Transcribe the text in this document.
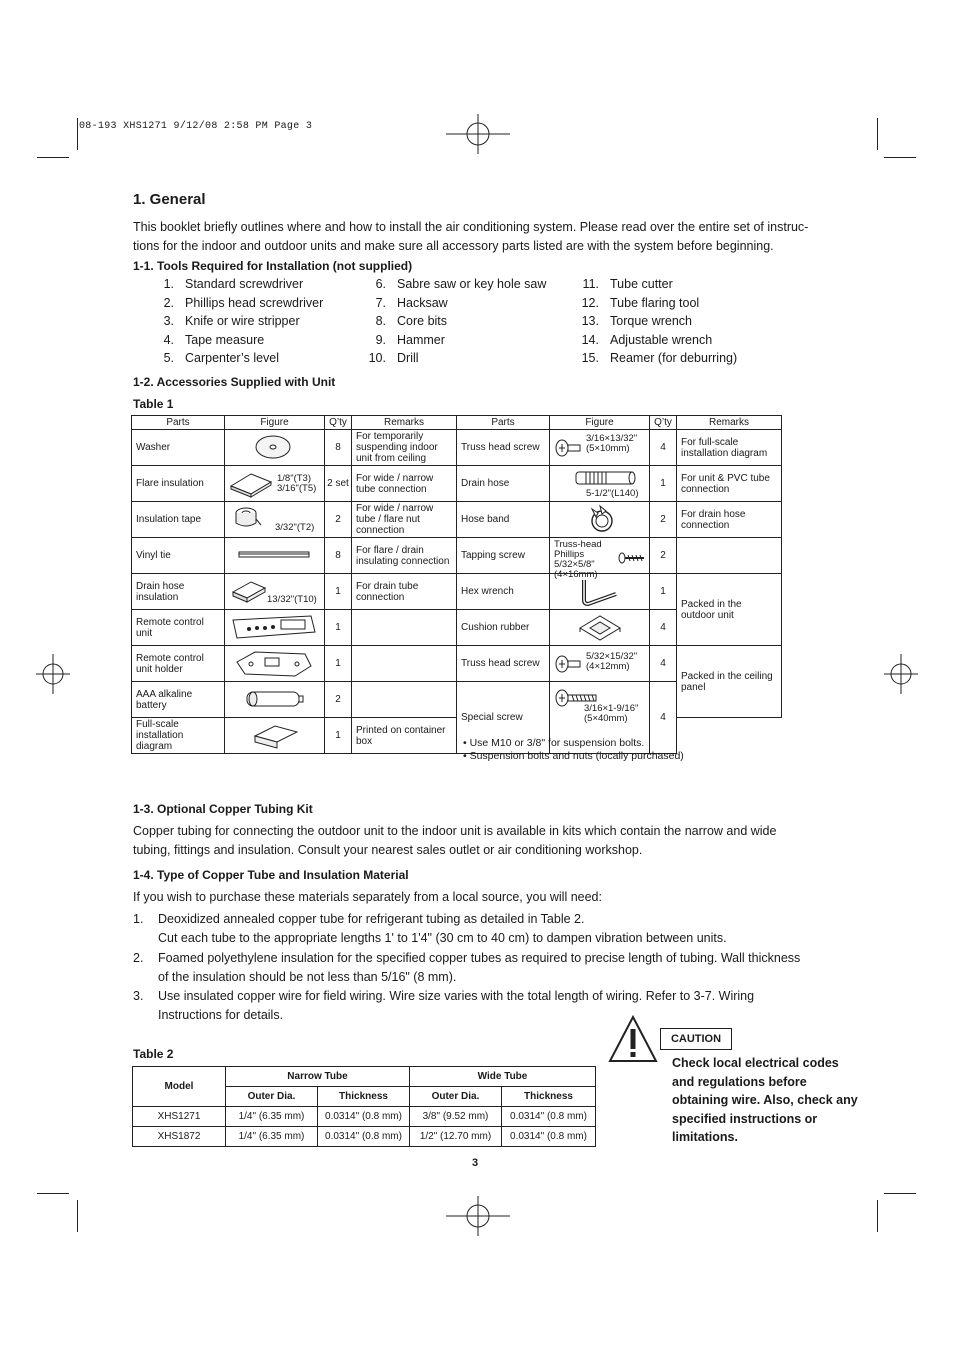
08-193 XHS1271 9/12/08 2:58 PM Page 3
1. General
This booklet briefly outlines where and how to install the air conditioning system. Please read over the entire set of instruc-
tions for the indoor and outdoor units and make sure all accessory parts listed are with the system before beginning.
1-1. Tools Required for Installation (not supplied)
1. Standard screwdriver
2. Phillips head screwdriver
3. Knife or wire stripper
4. Tape measure
5. Carpenter’s level
6. Sabre saw or key hole saw
7. Hacksaw
8. Core bits
9. Hammer
10. Drill
11. Tube cutter
12. Tube flaring tool
13. Torque wrench
14. Adjustable wrench
15. Reamer (for deburring)
1-2. Accessories Supplied with Unit
Table 1
Parts	Figure	Q’ty	Remarks	Parts	Figure	Q’ty	Remarks
Washer		8	For temporarily suspending indoor unit from ceiling	Truss head screw	3/16×13/32" (5×10mm)	4	For full-scale installation diagram
Flare insulation	1/8"(T3) 3/16"(T5)	2 set	For wide / narrow tube connection	Drain hose	5-1/2"(L140)	1	For unit & PVC tube connection
Insulation tape	3/32"(T2)	2	For wide / narrow tube / flare nut connection	Hose band		2	For drain hose connection
Vinyl tie		8	For flare / drain insulating connection	Tapping screw	Truss-head Phillips 5/32×5/8" (4×16mm)	2	
Drain hose insulation	13/32"(T10)	1	For drain tube connection	Hex wrench		1	Packed in the outdoor unit
Remote control unit		1		Cushion rubber		4	
Remote control unit holder		1		Truss head screw	5/32×15/32" (4×12mm)	4	Packed in the ceiling panel
AAA alkaline battery		2		Special screw	3/16×1-9/16" (5×40mm)	4	
Full-scale installation diagram		1	Printed on container box					• Use M10 or 3/8" for suspension bolts.
• Suspension bolts and nuts (locally purchased)
1-3. Optional Copper Tubing Kit
Copper tubing for connecting the outdoor unit to the indoor unit is available in kits which contain the narrow and wide
tubing, fittings and insulation. Consult your nearest sales outlet or air conditioning workshop.
1-4. Type of Copper Tube and Insulation Material
If you wish to purchase these materials separately from a local source, you will need:
1. Deoxidized annealed copper tube for refrigerant tubing as detailed in Table 2.
Cut each tube to the appropriate lengths 1' to 1'4" (30 cm to 40 cm) to dampen vibration between units.
2. Foamed polyethylene insulation for the specified copper tubes as required to precise length of tubing. Wall thickness
of the insulation should be not less than 5/16" (8 mm).
3. Use insulated copper wire for field wiring. Wire size varies with the total length of wiring. Refer to 3-7. Wiring
Instructions for details.
Table 2
Model	Narrow Tube		Wide Tube	
	Outer Dia.	Thickness	Outer Dia.	Thickness
XHS1271	1/4" (6.35 mm)	0.0314" (0.8 mm)	3/8" (9.52 mm)	0.0314" (0.8 mm)
XHS1872	1/4" (6.35 mm)	0.0314" (0.8 mm)	1/2" (12.70 mm)	0.0314" (0.8 mm)
CAUTION
Check local electrical codes and regulations before obtaining wire. Also, check any specified instructions or limitations.
3
